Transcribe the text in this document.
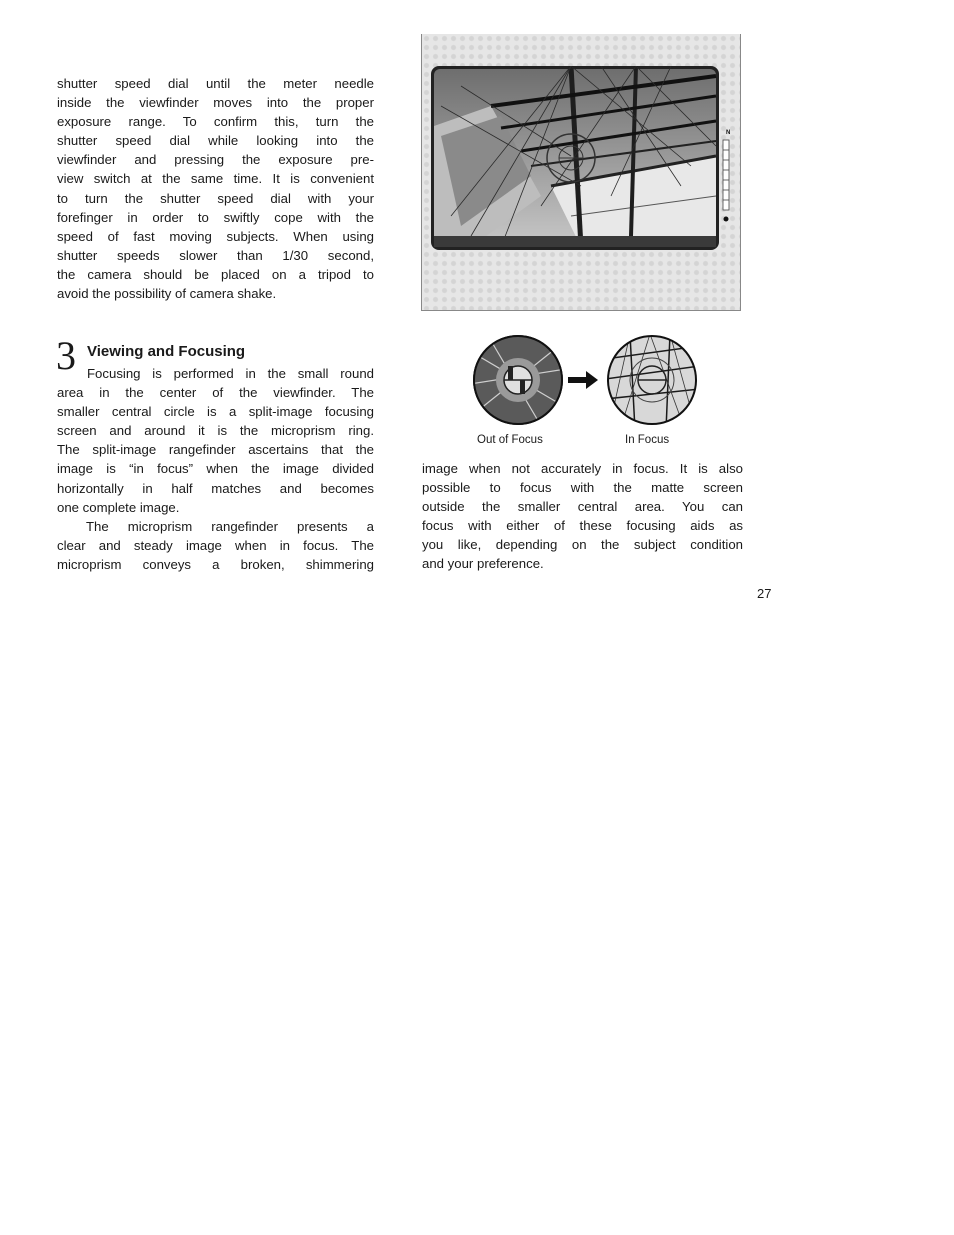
shutter speed dial until the meter needle
inside the viewfinder moves into the proper
exposure range. To confirm this, turn the
shutter speed dial while looking into the
viewfinder and pressing the exposure pre-
view switch at the same time. It is convenient
to turn the shutter speed dial with your
forefinger in order to swiftly cope with the
speed of fast moving subjects. When using
shutter speeds slower than 1/30 second,
the camera should be placed on a tripod to
avoid the possibility of camera shake.
3 Viewing and Focusing
Focusing is performed in the small round
area in the center of the viewfinder. The
smaller central circle is a split-image focusing
screen and around it is the microprism ring.
The split-image rangefinder ascertains that the
image is “in focus” when the image divided
horizontally in half matches and becomes
one complete image.
The microprism rangefinder presents a
clear and steady image when in focus. The
microprism conveys a broken, shimmering
N
Out of Focus	In Focus
image when not accurately in focus. It is also
possible to focus with the matte screen
outside the smaller central area. You can
focus with either of these focusing aids as
you like, depending on the subject condition
and your preference.
27
